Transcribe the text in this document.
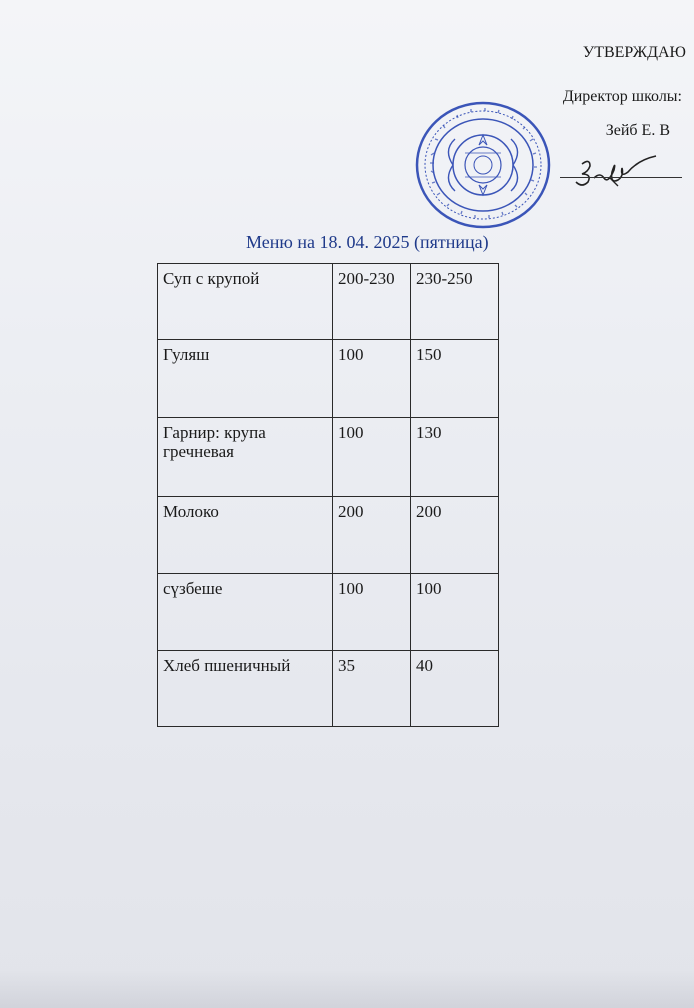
УТВЕРЖДАЮ
Директор школы:
Зейб Е. В
Меню на 18. 04. 2025 (пятница)
Суп с крупой	200-230	230-250
Гуляш	100	150
Гарнир: крупа гречневая	100	130
Молоко	200	200
сүзбеше	100	100
Хлеб пшеничный	35	40
